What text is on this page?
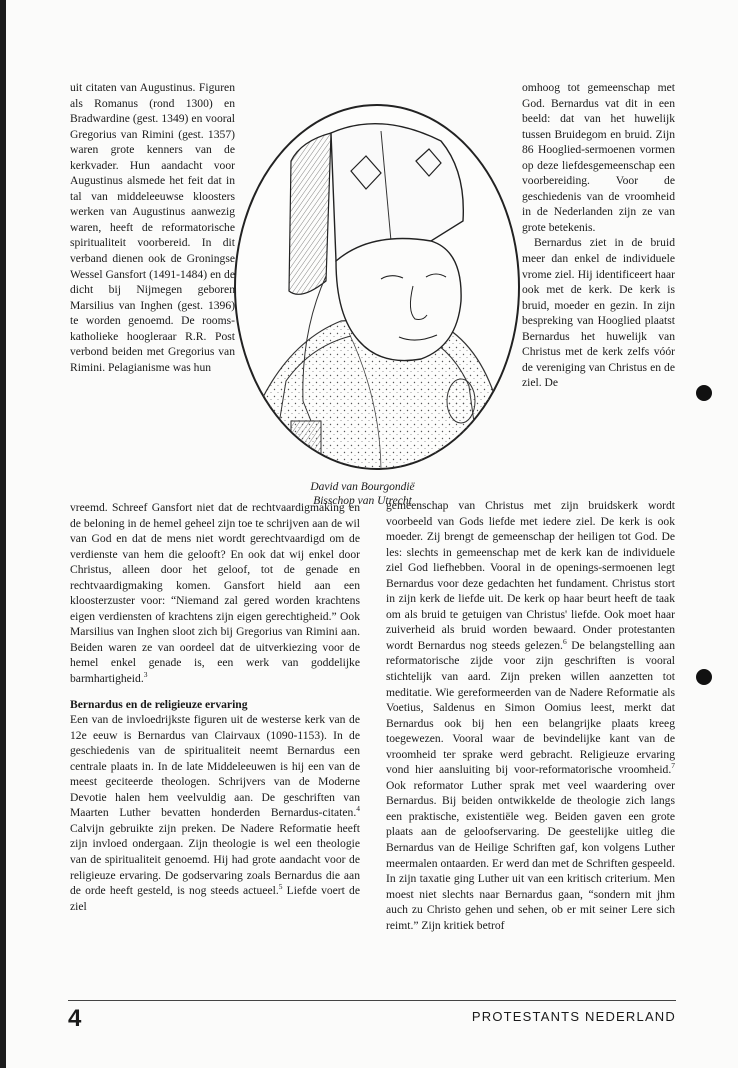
uit citaten van Augustinus. Figuren als Romanus (rond 1300) en Bradwardine (gest. 1349) en vooral Gregorius van Rimini (gest. 1357) waren grote kenners van de kerkvader. Hun aandacht voor Augustinus alsmede het feit dat in tal van middeleeuwse kloosters werken van Augustinus aanwezig waren, heeft de reformatorische spiritualiteit voorbereid. In dit verband dienen ook de Groningse Wessel Gansfort (1491-1484) en de dicht bij Nijmegen geboren Marsilius van Inghen (gest. 1396) te worden genoemd. De rooms-katholieke hoogleraar R.R. Post verbond beiden met Gregorius van Rimini. Pelagianisme was hun

David van Bourgondië
Bisschop van Utrecht

omhoog tot gemeenschap met God. Bernardus vat dit in een beeld: dat van het huwelijk tussen Bruidegom en bruid. Zijn 86 Hooglied-sermoenen vormen op deze liefdesgemeenschap een voorbereiding. Voor de geschiedenis van de vroomheid in de Nederlanden zijn ze van grote betekenis.

Bernardus ziet in de bruid meer dan enkel de individuele vrome ziel. Hij identificeert haar ook met de kerk. De kerk is bruid, moeder en gezin. In zijn bespreking van Hooglied plaatst Bernardus het huwelijk van Christus met de kerk zelfs vóór de vereniging van Christus en de ziel. De

vreemd. Schreef Gansfort niet dat de rechtvaardigmaking en de beloning in de hemel geheel zijn toe te schrijven aan de wil van God en dat de mens niet wordt gerechtvaardigd om de verdienste van hem die gelooft? En ook dat wij enkel door Christus, alleen door het geloof, tot de genade en rechtvaardigmaking komen. Gansfort hield aan een kloosterzuster voor: “Niemand zal gered worden krachtens eigen verdiensten of krachtens zijn eigen gerechtigheid.” Ook Marsilius van Inghen sloot zich bij Gregorius van Rimini aan. Beiden waren ze van oordeel dat de uitverkiezing voor de hemel enkel genade is, een werk van goddelijke barmhartigheid.$^3$

Bernardus en de religieuze ervaring

Een van de invloedrijkste figuren uit de westerse kerk van de 12e eeuw is Bernardus van Clairvaux (1090-1153). In de geschiedenis van de spiritualiteit neemt Bernardus een centrale plaats in. In de late Middeleeuwen is hij een van de meest geciteerde theologen. Schrijvers van de Moderne Devotie halen hem veelvuldig aan. De geschriften van Maarten Luther bevatten honderden Bernardus-citaten.$^4$ Calvijn gebruikte zijn preken. De Nadere Reformatie heeft zijn invloed ondergaan. Zijn theologie is wel een theologie van de spiritualiteit genoemd. Hij had grote aandacht voor de religieuze ervaring. De godservaring zoals Bernardus die aan de orde heeft gesteld, is nog steeds actueel.$^5$ Liefde voert de ziel

gemeenschap van Christus met zijn bruidskerk wordt voorbeeld van Gods liefde met iedere ziel. De kerk is ook moeder. Zij brengt de gemeenschap der heiligen tot God. De les: slechts in gemeenschap met de kerk kan de individuele ziel God liefhebben. Vooral in de openings-sermoenen legt Bernardus voor deze gedachten het fundament. Christus stort in zijn kerk de liefde uit. De kerk op haar beurt heeft de taak om als bruid te getuigen van Christus' liefde. Ook moet haar zuiverheid als bruid worden bewaard. Onder protestanten wordt Bernardus nog steeds gelezen.$^6$ De belangstelling aan reformatorische zijde voor zijn geschriften is vooral stichtelijk van aard. Zijn preken willen aanzetten tot meditatie. Wie gereformeerden van de Nadere Reformatie als Voetius, Saldenus en Simon Oomius leest, merkt dat Bernardus ook bij hen een belangrijke plaats kreeg toegewezen. Vooral waar de bevindelijke kant van de vroomheid ter sprake werd gebracht. Religieuze ervaring vond hier aansluiting bij voor-reformatorische vroomheid.$^7$ Ook reformator Luther sprak met veel waardering over Bernardus. Bij beiden ontwikkelde de theologie zich langs een praktische, existentiële weg. Beiden gaven een grote plaats aan de geloofservaring. De geestelijke uitleg die Bernardus van de Heilige Schriften gaf, kon volgens Luther meermalen ontaarden. Er werd dan met de Schriften gespeeld. In zijn taxatie ging Luther uit van een kritisch criterium. Men moest niet slechts naar Bernardus gaan, “sondern mit jhm auch zu Christo gehen und sehen, ob er mit seiner Lere sich reimt.” Zijn kritiek betrof

4	PROTESTANTS NEDERLAND
